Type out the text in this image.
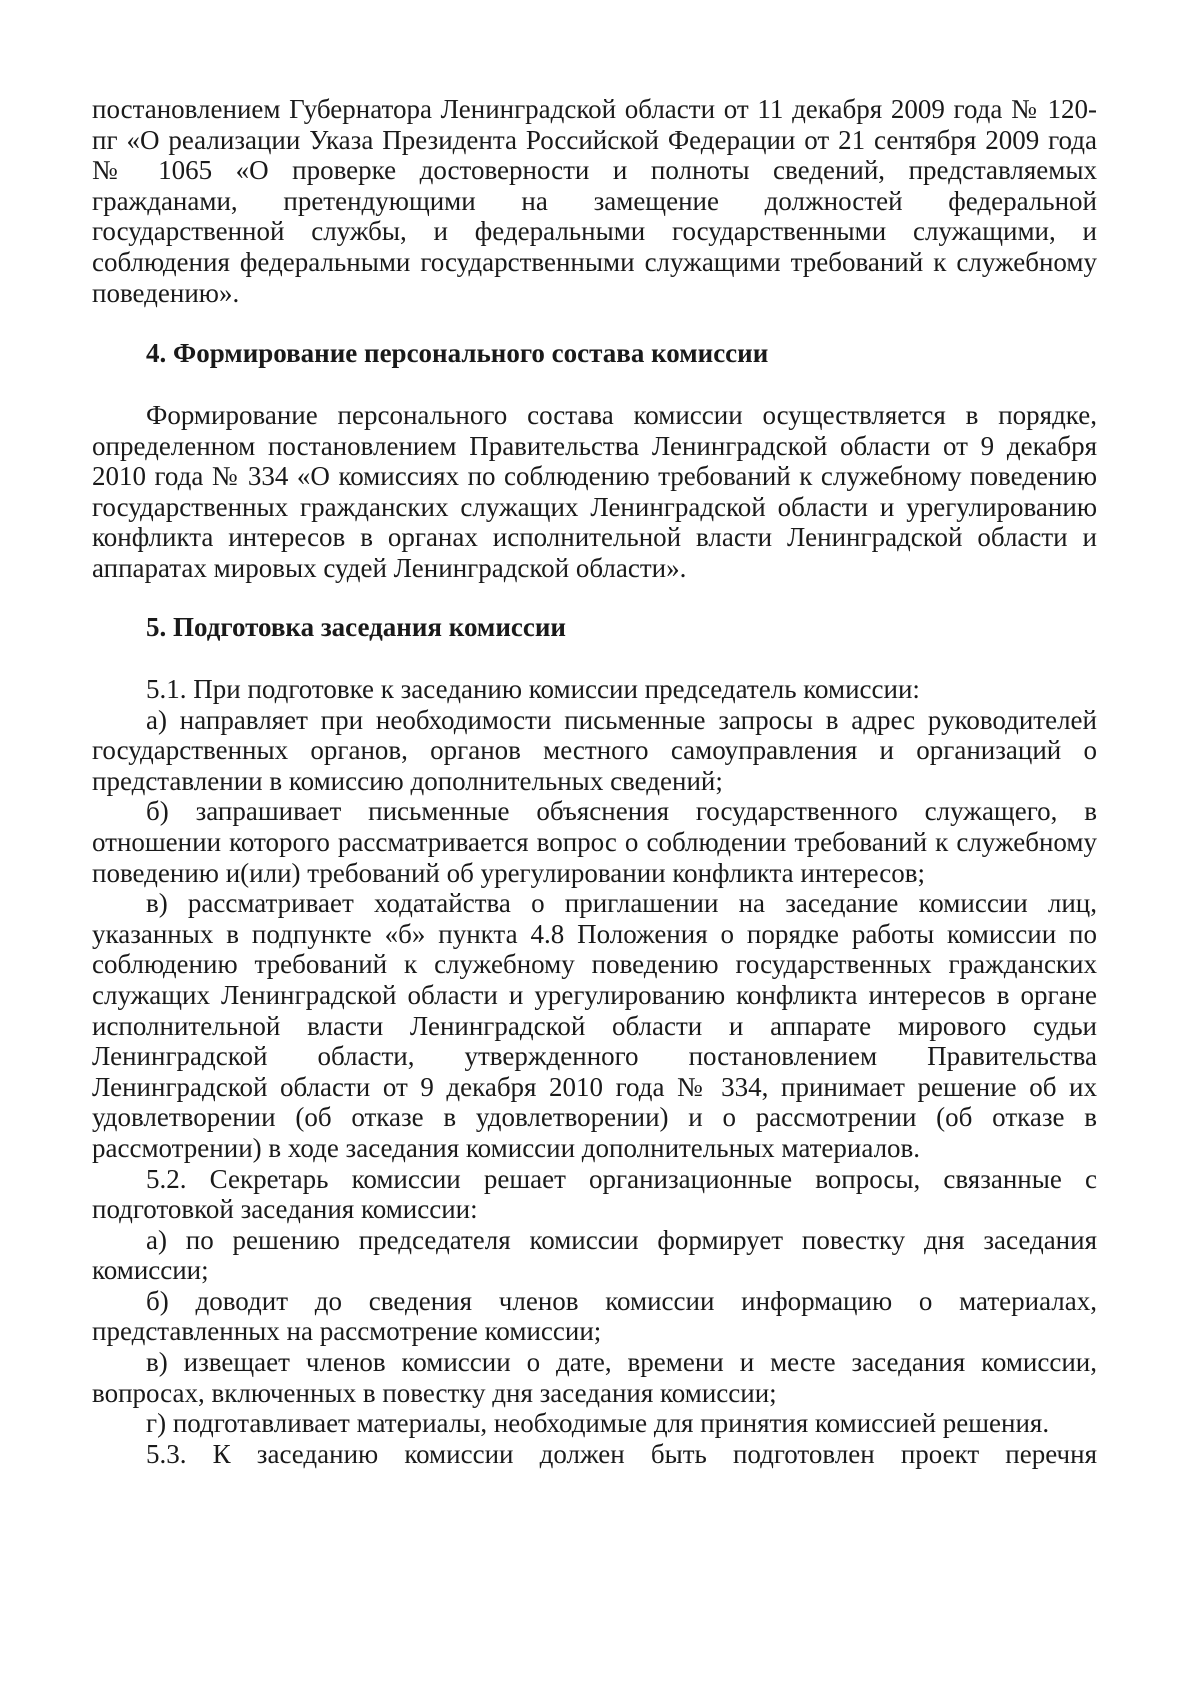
постановлением Губернатора Ленинградской области от 11 декабря 2009 года № 120-пг «О реализации Указа Президента Российской Федерации от 21 сентября 2009 года № 1065 «О проверке достоверности и полноты сведений, представляемых гражданами, претендующими на замещение должностей федеральной государственной службы, и федеральными государственными служащими, и соблюдения федеральными государственными служащими требований к служебному поведению».

4. Формирование персонального состава комиссии

Формирование персонального состава комиссии осуществляется в порядке, определенном постановлением Правительства Ленинградской области от 9 декабря 2010 года № 334 «О комиссиях по соблюдению требований к служебному поведению государственных гражданских служащих Ленинградской области и урегулированию конфликта интересов в органах исполнительной власти Ленинградской области и аппаратах мировых судей Ленинградской области».

5. Подготовка заседания комиссии

5.1. При подготовке к заседанию комиссии председатель комиссии:

а) направляет при необходимости письменные запросы в адрес руководителей государственных органов, органов местного самоуправления и организаций о представлении в комиссию дополнительных сведений;

б) запрашивает письменные объяснения государственного служащего, в отношении которого рассматривается вопрос о соблюдении требований к служебному поведению и(или) требований об урегулировании конфликта интересов;

в) рассматривает ходатайства о приглашении на заседание комиссии лиц, указанных в подпункте «б» пункта 4.8 Положения о порядке работы комиссии по соблюдению требований к служебному поведению государственных гражданских служащих Ленинградской области и урегулированию конфликта интересов в органе исполнительной власти Ленинградской области и аппарате мирового судьи Ленинградской области, утвержденного постановлением Правительства Ленинградской области от 9 декабря 2010 года № 334, принимает решение об их удовлетворении (об отказе в удовлетворении) и о рассмотрении (об отказе в рассмотрении) в ходе заседания комиссии дополнительных материалов.

5.2. Секретарь комиссии решает организационные вопросы, связанные с подготовкой заседания комиссии:

а) по решению председателя комиссии формирует повестку дня заседания комиссии;

б) доводит до сведения членов комиссии информацию о материалах, представленных на рассмотрение комиссии;

в) извещает членов комиссии о дате, времени и месте заседания комиссии, вопросах, включенных в повестку дня заседания комиссии;

г) подготавливает материалы, необходимые для принятия комиссией решения.

5.3. К заседанию комиссии должен быть подготовлен проект перечня
